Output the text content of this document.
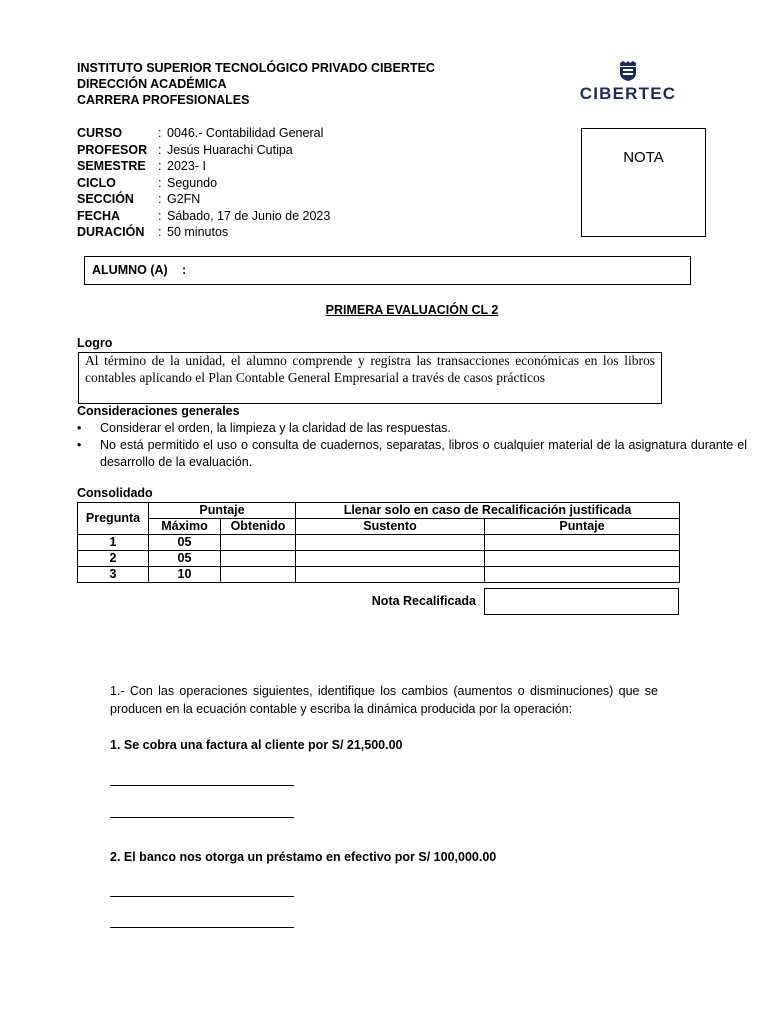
INSTITUTO SUPERIOR TECNOLÓGICO PRIVADO CIBERTEC
DIRECCIÓN ACADÉMICA
CARRERA PROFESIONALES	CIBERTEC
CURSO	: 0046.- Contabilidad General
PROFESOR : Jesús Huarachi Cutipa
SEMESTRE : 2023- I
CICLO	: Segundo
SECCIÓN : G2FN
FECHA	: Sábado, 17 de Junio de 2023
DURACIÓN : 50 minutos
NOTA
ALUMNO (A) :
PRIMERA EVALUACIÓN CL 2
Logro
Al término de la unidad, el alumno comprende y registra las transacciones económicas en los libros contables aplicando el Plan Contable General Empresarial a través de casos prácticos
Consideraciones generales
• Considerar el orden, la limpieza y la claridad de las respuestas.
• No está permitido el uso o consulta de cuadernos, separatas, libros o cualquier material de la asignatura durante el desarrollo de la evaluación.
Consolidado
Pregunta	Puntaje		Llenar solo en caso de Recalificación justificada	
	Máximo	Obtenido	Sustento	Puntaje
1	05			
2	05			
3	10			
Nota Recalificada
1.- Con las operaciones siguientes, identifique los cambios (aumentos o disminuciones) que se producen en la ecuación contable y escriba la dinámica producida por la operación:
1. Se cobra una factura al cliente por S/ 21,500.00
2. El banco nos otorga un préstamo en efectivo por S/ 100,000.00
